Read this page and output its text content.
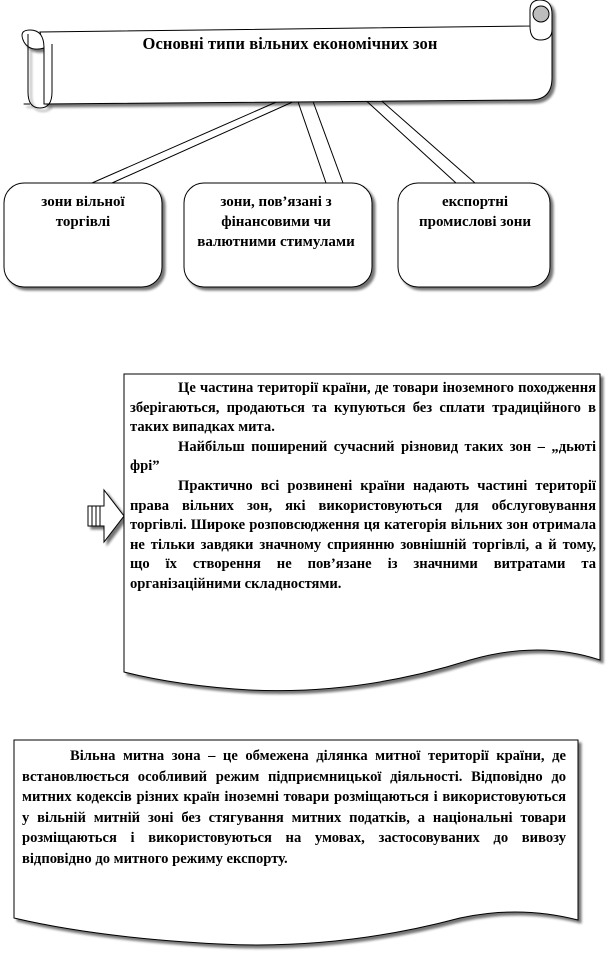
Основні типи вільних економічних зон
зони вільної торгівлі
зони, пов’язані з фінансовими чи валютними стимулами
експортні промислові зони

Це частина території країни, де товари іноземного походження зберігаються, продаються та купуються без сплати традиційного в таких випадках мита.

Найбільш поширений сучасний різновид таких зон – „дьюті фрі”

Практично всі розвинені країни надають частині території права вільних зон, які використовуються для обслуговування торгівлі. Широке розповсюдження ця категорія вільних зон отримала не тільки завдяки значному сприянню зовнішній торгівлі, а й тому, що їх створення не пов’язане із значними витратами та організаційними складностями.

Вільна митна зона – це обмежена ділянка митної території країни, де встановлюється особливий режим підприємницької діяльності. Відповідно до митних кодексів різних країн іноземні товари розміщаються і використовуються у вільній митній зоні без стягування митних податків, а національні товари розміщаються і використовуються на умовах, застосовуваних до вивозу відповідно до митного режиму експорту.
